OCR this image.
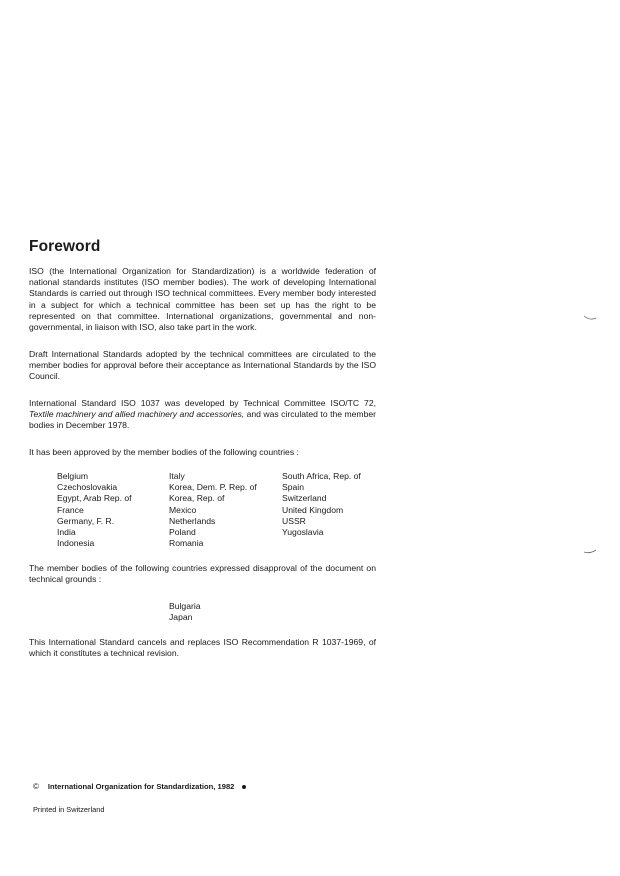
Foreword

ISO (the International Organization for Standardization) is a worldwide federation of national standards institutes (ISO member bodies). The work of developing International Standards is carried out through ISO technical committees. Every member body interested in a subject for which a technical committee has been set up has the right to be represented on that committee. International organizations, governmental and non-governmental, in liaison with ISO, also take part in the work.

Draft International Standards adopted by the technical committees are circulated to the member bodies for approval before their acceptance as International Standards by the ISO Council.

International Standard ISO 1037 was developed by Technical Committee ISO/TC 72, Textile machinery and allied machinery and accessories, and was circulated to the member bodies in December 1978.

It has been approved by the member bodies of the following countries :

Belgium
Czechoslovakia
Egypt, Arab Rep. of
France
Germany, F. R.
India
Indonesia
Italy
Korea, Dem. P. Rep. of
Korea, Rep. of
Mexico
Netherlands
Poland
Romania
South Africa, Rep. of
Spain
Switzerland
United Kingdom
USSR
Yugoslavia

The member bodies of the following countries expressed disapproval of the document on technical grounds :

Bulgaria
Japan

This International Standard cancels and replaces ISO Recommendation R 1037-1969, of which it constitutes a technical revision.

© International Organization for Standardization, 1982
Printed in Switzerland
